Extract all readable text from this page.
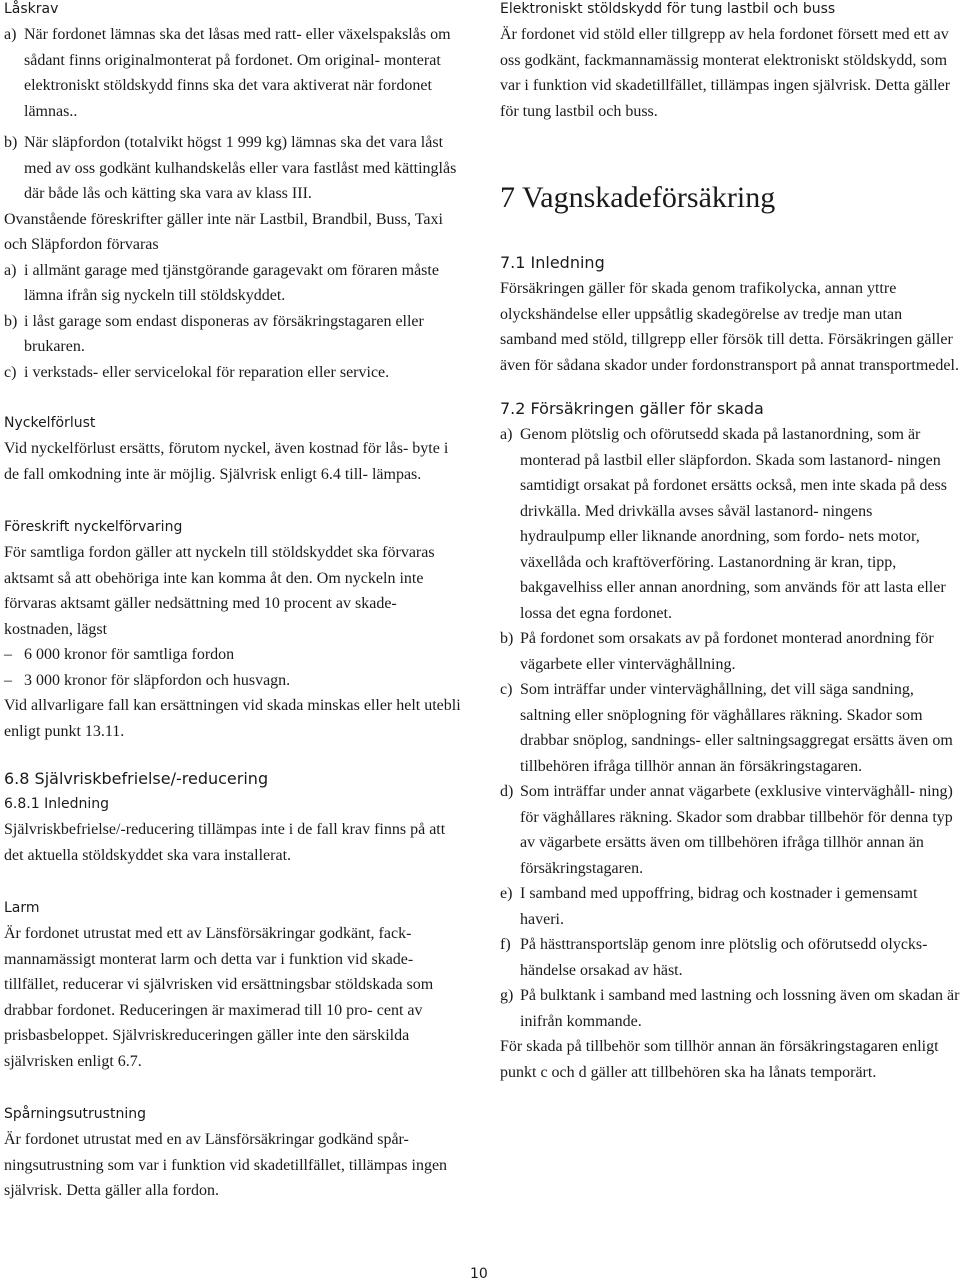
Låskrav

a) När fordonet lämnas ska det låsas med ratt- eller växelspakslås om sådant finns originalmonterat på fordonet. Om original- monterat elektroniskt stöldskydd finns ska det vara aktiverat när fordonet lämnas..
b) När släpfordon (totalvikt högst 1 999 kg) lämnas ska det vara låst med av oss godkänt kulhandskelås eller vara fastlåst med kättinglås där både lås och kätting ska vara av klass III.

Ovanstående föreskrifter gäller inte när Lastbil, Brandbil, Buss, Taxi och Släpfordon förvaras

a) i allmänt garage med tjänstgörande garagevakt om föraren måste lämna ifrån sig nyckeln till stöldskyddet.
b) i låst garage som endast disponeras av försäkringstagaren eller brukaren.
c) i verkstads- eller servicelokal för reparation eller service.

Nyckelförlust

Vid nyckelförlust ersätts, förutom nyckel, även kostnad för lås- byte i de fall omkodning inte är möjlig. Självrisk enligt 6.4 till- lämpas.

Föreskrift nyckelförvaring

För samtliga fordon gäller att nyckeln till stöldskyddet ska förvaras aktsamt så att obehöriga inte kan komma åt den. Om nyckeln inte förvaras aktsamt gäller nedsättning med 10 procent av skade- kostnaden, lägst

– 6 000 kronor för samtliga fordon
– 3 000 kronor för släpfordon och husvagn.

Vid allvarligare fall kan ersättningen vid skada minskas eller helt utebli enligt punkt 13.11.

6.8 Självriskbefrielse/-reducering

6.8.1 Inledning

Självriskbefrielse/-reducering tillämpas inte i de fall krav finns på att det aktuella stöldskyddet ska vara installerat.

Larm

Är fordonet utrustat med ett av Länsförsäkringar godkänt, fack- mannamässigt monterat larm och detta var i funktion vid skade- tillfället, reducerar vi självrisken vid ersättningsbar stöldskada som drabbar fordonet. Reduceringen är maximerad till 10 pro- cent av prisbasbeloppet. Självriskreduceringen gäller inte den särskilda självrisken enligt 6.7.

Spårningsutrustning

Är fordonet utrustat med en av Länsförsäkringar godkänd spår- ningsutrustning som var i funktion vid skadetillfället, tillämpas ingen självrisk. Detta gäller alla fordon.

Elektroniskt stöldskydd för tung lastbil och buss

Är fordonet vid stöld eller tillgrepp av hela fordonet försett med ett av oss godkänt, fackmannamässig monterat elektroniskt stöldskydd, som var i funktion vid skadetillfället, tillämpas ingen självrisk. Detta gäller för tung lastbil och buss.

7 Vagnskadeförsäkring

7.1 Inledning

Försäkringen gäller för skada genom trafikolycka, annan yttre olyckshändelse eller uppsåtlig skadegörelse av tredje man utan samband med stöld, tillgrepp eller försök till detta. Försäkringen gäller även för sådana skador under fordonstransport på annat transportmedel.

7.2 Försäkringen gäller för skada

a) Genom plötslig och oförutsedd skada på lastanordning, som är monterad på lastbil eller släpfordon. Skada som lastanord- ningen samtidigt orsakat på fordonet ersätts också, men inte skada på dess drivkälla. Med drivkälla avses såväl lastanord- ningens hydraulpump eller liknande anordning, som fordo- nets motor, växellåda och kraftöverföring. Lastanordning är kran, tipp, bakgavelhiss eller annan anordning, som används för att lasta eller lossa det egna fordonet.
b) På fordonet som orsakats av på fordonet monterad anordning för vägarbete eller vinterväghållning.
c) Som inträffar under vinterväghållning, det vill säga sandning, saltning eller snöplogning för väghållares räkning. Skador som drabbar snöplog, sandnings- eller saltningsaggregat ersätts även om tillbehören ifråga tillhör annan än försäkringstagaren.
d) Som inträffar under annat vägarbete (exklusive vinterväghåll- ning) för väghållares räkning. Skador som drabbar tillbehör för denna typ av vägarbete ersätts även om tillbehören ifråga tillhör annan än försäkringstagaren.
e) I samband med uppoffring, bidrag och kostnader i gemensamt haveri.
f) På hästtransportsläp genom inre plötslig och oförutsedd olycks- händelse orsakad av häst.
g) På bulktank i samband med lastning och lossning även om skadan är inifrån kommande.

För skada på tillbehör som tillhör annan än försäkringstagaren enligt punkt c och d gäller att tillbehören ska ha lånats temporärt.

10
